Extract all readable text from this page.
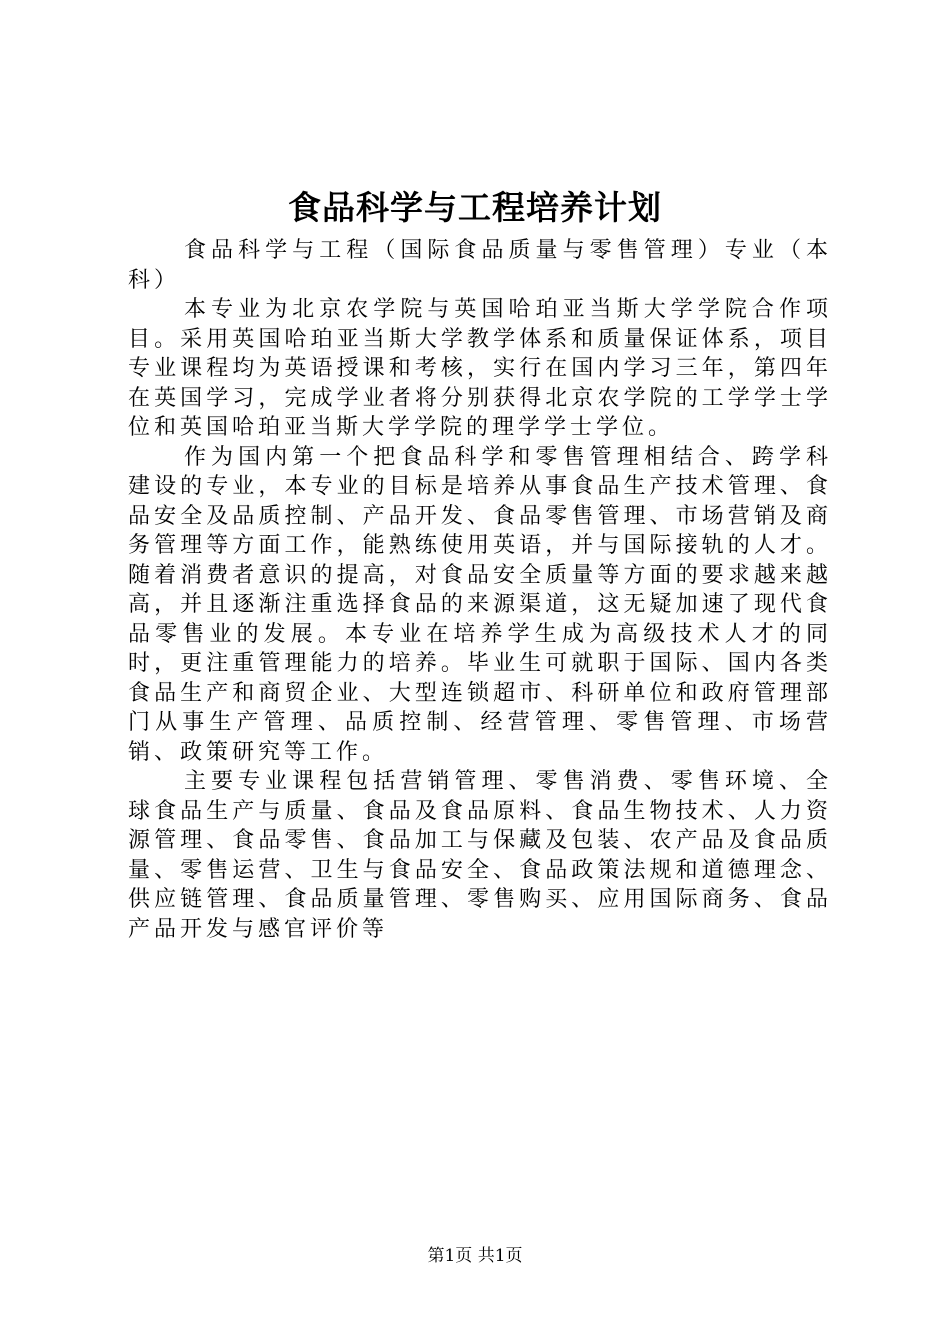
食品科学与工程培养计划

食品科学与工程（国际食品质量与零售管理）专业（本科）

本专业为北京农学院与英国哈珀亚当斯大学学院合作项目。采用英国哈珀亚当斯大学教学体系和质量保证体系，项目专业课程均为英语授课和考核，实行在国内学习三年，第四年在英国学习，完成学业者将分别获得北京农学院的工学学士学位和英国哈珀亚当斯大学学院的理学学士学位。

作为国内第一个把食品科学和零售管理相结合、跨学科建设的专业，本专业的目标是培养从事食品生产技术管理、食品安全及品质控制、产品开发、食品零售管理、市场营销及商务管理等方面工作，能熟练使用英语，并与国际接轨的人才。随着消费者意识的提高，对食品安全质量等方面的要求越来越高，并且逐渐注重选择食品的来源渠道，这无疑加速了现代食品零售业的发展。本专业在培养学生成为高级技术人才的同时，更注重管理能力的培养。毕业生可就职于国际、国内各类食品生产和商贸企业、大型连锁超市、科研单位和政府管理部门从事生产管理、品质控制、经营管理、零售管理、市场营销、政策研究等工作。

主要专业课程包括营销管理、零售消费、零售环境、全球食品生产与质量、食品及食品原料、食品生物技术、人力资源管理、食品零售、食品加工与保藏及包装、农产品及食品质量、零售运营、卫生与食品安全、食品政策法规和道德理念、供应链管理、食品质量管理、零售购买、应用国际商务、食品产品开发与感官评价等

第1页 共1页
